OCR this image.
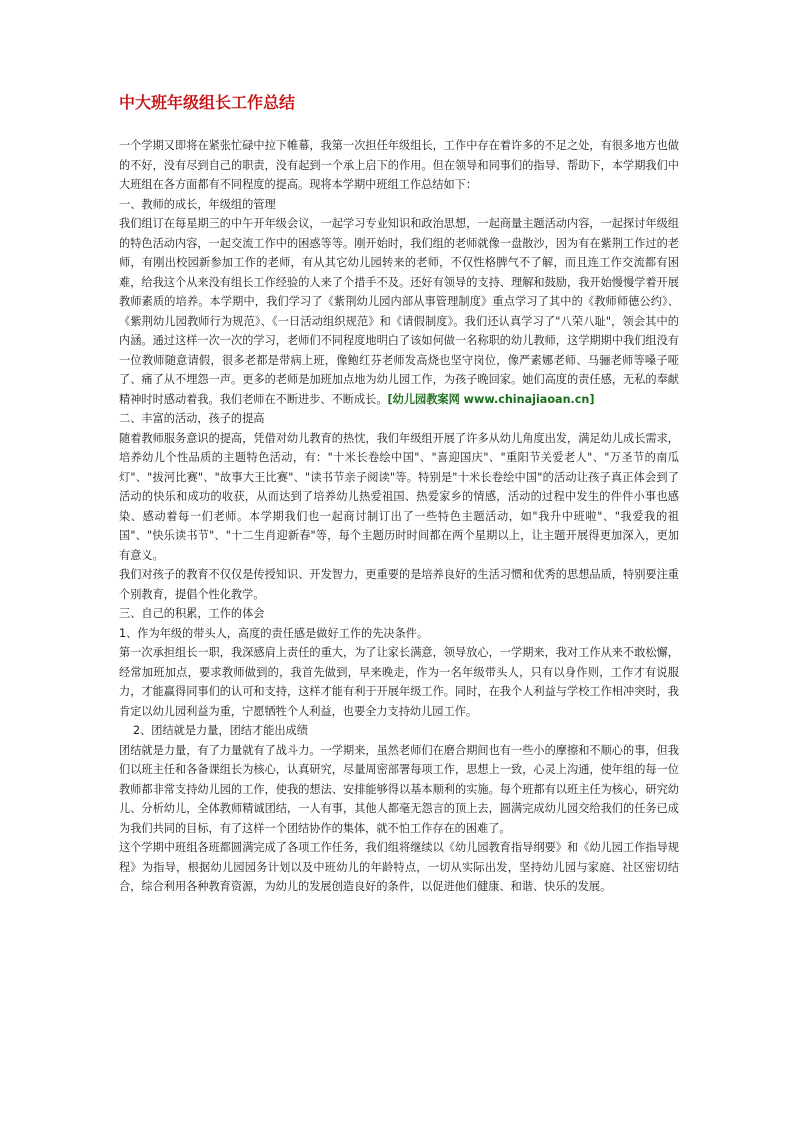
中大班年级组长工作总结

一个学期又即将在紧张忙碌中拉下帷幕，我第一次担任年级组长，工作中存在着许多的不足之处，有很多地方也做的不好，没有尽到自己的职责，没有起到一个承上启下的作用。但在领导和同事们的指导、帮助下，本学期我们中大班组在各方面都有不同程度的提高。现将本学期中班组工作总结如下：

一、教师的成长，年级组的管理

我们组订在每星期三的中午开年级会议，一起学习专业知识和政治思想，一起商量主题活动内容，一起探讨年级组的特色活动内容，一起交流工作中的困惑等等。刚开始时，我们组的老师就像一盘散沙，因为有在紫荆工作过的老师，有刚出校园新参加工作的老师，有从其它幼儿园转来的老师，不仅性格脾气不了解，而且连工作交流都有困难，给我这个从来没有组长工作经验的人来了个措手不及。还好有领导的支持、理解和鼓励，我开始慢慢学着开展教师素质的培养。本学期中，我们学习了《紫荆幼儿园内部从事管理制度》重点学习了其中的《教师师德公约》、《紫荆幼儿园教师行为规范》、《一日活动组织规范》和《请假制度》。我们还认真学习了"八荣八耻"，领会其中的内涵。通过这样一次一次的学习，老师们不同程度地明白了该如何做一名称职的幼儿教师，这学期期中我们组没有一位教师随意请假，很多老都是带病上班，像鲍红芬老师发高烧也坚守岗位，像严素娜老师、马骊老师等嗓子哑了、痛了从不埋怨一声。更多的老师是加班加点地为幼儿园工作，为孩子晚回家。她们高度的责任感，无私的奉献精神时时感动着我。我们老师在不断进步、不断成长。[幼儿园教案网 www.chinajiaoan.cn]

二、丰富的活动，孩子的提高

随着教师服务意识的提高，凭借对幼儿教育的热忱，我们年级组开展了许多从幼儿角度出发，满足幼儿成长需求，培养幼儿个性品质的主题特色活动，有："十米长卷绘中国"、"喜迎国庆"、"重阳节关爱老人"、"万圣节的南瓜灯"、"拔河比赛"、"故事大王比赛"、"读书节亲子阅读"等。特别是"十米长卷绘中国"的活动让孩子真正体会到了活动的快乐和成功的收获，从而达到了培养幼儿热爱祖国、热爱家乡的情感，活动的过程中发生的件件小事也感染、感动着每一们老师。本学期我们也一起商讨制订出了一些特色主题活动，如"我升中班啦"、"我爱我的祖国"、"快乐读书节"、"十二生肖迎新春"等，每个主题历时时间都在两个星期以上，让主题开展得更加深入，更加有意义。

我们对孩子的教育不仅仅是传授知识、开发智力，更重要的是培养良好的生活习惯和优秀的思想品质，特别要注重个别教育，提倡个性化教学。

三、自己的积累，工作的体会

1、作为年级的带头人，高度的责任感是做好工作的先决条件。

第一次承担组长一职，我深感肩上责任的重大，为了让家长满意，领导放心，一学期来，我对工作从来不敢松懈，经常加班加点，要求教师做到的，我首先做到，早来晚走，作为一名年级带头人，只有以身作则，工作才有说服力，才能赢得同事们的认可和支持，这样才能有利于开展年级工作。同时，在我个人利益与学校工作相冲突时，我肯定以幼儿园利益为重，宁愿牺牲个人利益，也要全力支持幼儿园工作。

2、团结就是力量，团结才能出成绩

团结就是力量，有了力量就有了战斗力。一学期来，虽然老师们在磨合期间也有一些小的摩擦和不顺心的事，但我们以班主任和各备课组长为核心，认真研究，尽量周密部署每项工作，思想上一致，心灵上沟通，使年组的每一位教师都非常支持幼儿园的工作，使我的想法、安排能够得以基本顺利的实施。每个班都有以班主任为核心，研究幼儿、分析幼儿，全体教师精诚团结，一人有事，其他人都毫无怨言的顶上去，圆满完成幼儿园交给我们的任务已成为我们共同的目标，有了这样一个团结协作的集体，就不怕工作存在的困难了。

这个学期中班组各班都圆满完成了各项工作任务，我们组将继续以《幼儿园教育指导纲要》和《幼儿园工作指导规程》为指导，根据幼儿园园务计划以及中班幼儿的年龄特点，一切从实际出发，坚持幼儿园与家庭、社区密切结合，综合利用各种教育资源，为幼儿的发展创造良好的条件，以促进他们健康、和谐、快乐的发展。
